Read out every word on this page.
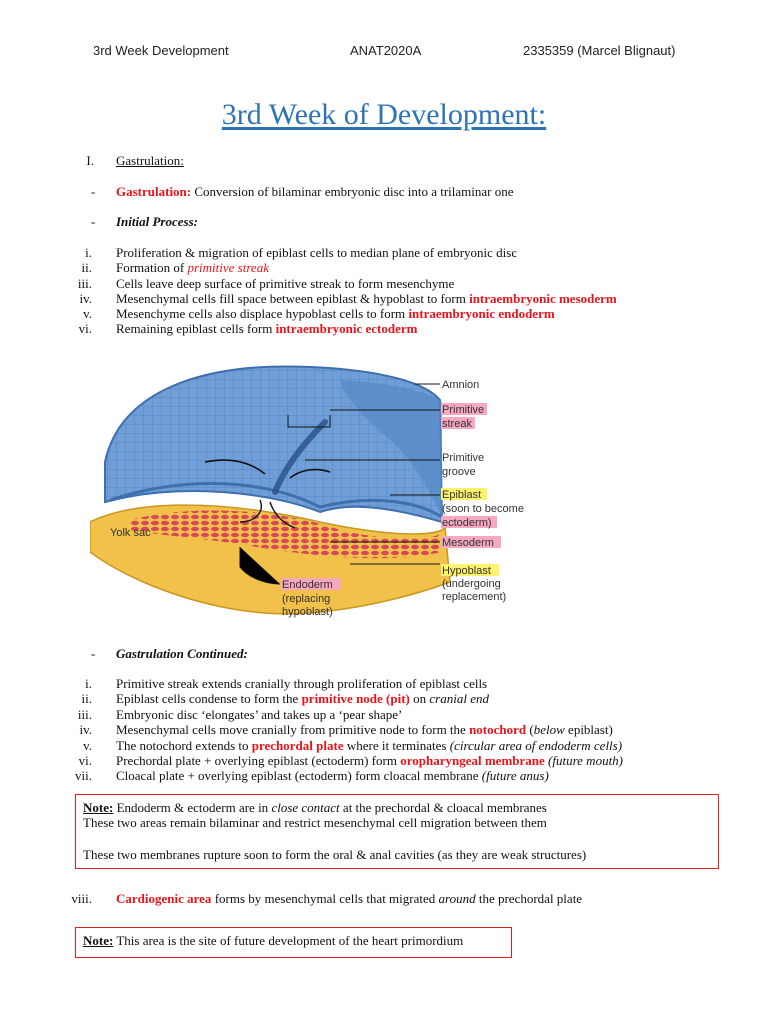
3rd Week Development	ANAT2020A	2335359 (Marcel Blignaut)
3rd Week of Development:
I. Gastrulation:
- Gastrulation: Conversion of bilaminar embryonic disc into a trilaminar one
- Initial Process:
i. Proliferation & migration of epiblast cells to median plane of embryonic disc
ii. Formation of primitive streak
iii. Cells leave deep surface of primitive streak to form mesenchyme
iv. Mesenchymal cells fill space between epiblast & hypoblast to form intraembryonic mesoderm
v. Mesenchyme cells also displace hypoblast cells to form intraembryonic endoderm
vi. Remaining epiblast cells form intraembryonic ectoderm
Amnion
Primitive
streak
Primitive
groove
Epiblast
(soon to become
ectoderm)
Mesoderm
Hypoblast
(undergoing
replacement)
Endoderm
(replacing
hypoblast)
Yolk sac
- Gastrulation Continued:
i. Primitive streak extends cranially through proliferation of epiblast cells
ii. Epiblast cells condense to form the primitive node (pit) on cranial end
iii. Embryonic disc ‘elongates’ and takes up a ‘pear shape’
iv. Mesenchymal cells move cranially from primitive node to form the notochord (below epiblast)
v. The notochord extends to prechordal plate where it terminates (circular area of endoderm cells)
vi. Prechordal plate + overlying epiblast (ectoderm) form oropharyngeal membrane (future mouth)
vii. Cloacal plate + overlying epiblast (ectoderm) form cloacal membrane (future anus)
Note: Endoderm & ectoderm are in close contact at the prechordal & cloacal membranes
These two areas remain bilaminar and restrict mesenchymal cell migration between them
These two membranes rupture soon to form the oral & anal cavities (as they are weak structures)
viii. Cardiogenic area forms by mesenchymal cells that migrated around the prechordal plate
Note: This area is the site of future development of the heart primordium
